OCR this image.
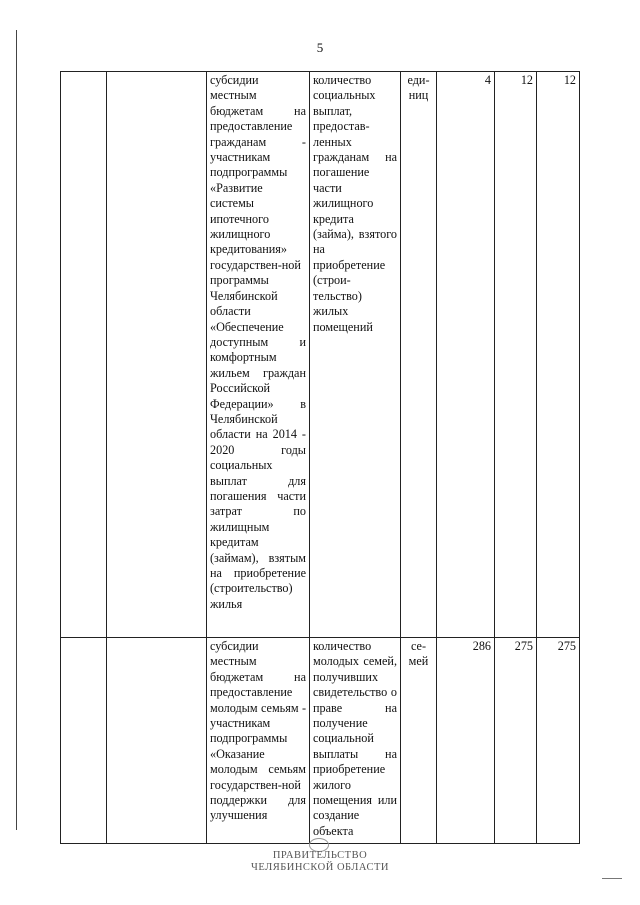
5
		субсидии местным бюджетам на предоставление гражданам - участникам подпрограммы «Развитие системы ипотечного жилищного кредитования» государствен-ной программы Челябинской области «Обеспечение доступным и комфортным жильем граждан Российской Федерации» в Челябинской области на 2014 - 2020 годы социальных выплат для погашения части затрат по жилищным кредитам (займам), взятым на приобретение (строительство) жилья	количество социальных выплат, предостав-ленных гражданам на погашение части жилищного кредита (займа), взятого на приобретение (строи-тельство) жилых помещений	еди-ниц	4	12	12
		субсидии местным бюджетам на предоставление молодым семьям - участникам подпрограммы «Оказание молодым семьям государствен-ной поддержки для улучшения	количество молодых семей, получивших свидетельство о праве на получение социальной выплаты на приобретение жилого помещения или создание объекта	се-мей	286	275	275
ПРАВИТЕЛЬСТВО
ЧЕЛЯБИНСКОЙ ОБЛАСТИ
